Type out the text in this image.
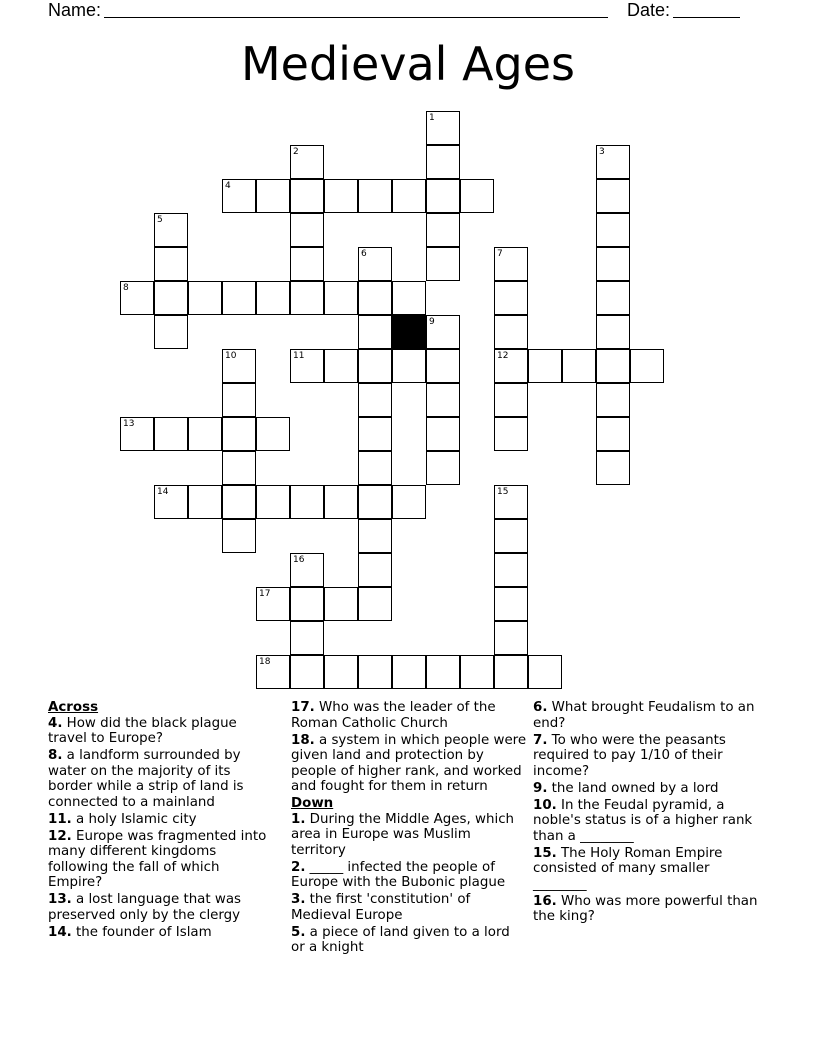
Name:	Date:
Medieval Ages
1
2	3
4
5
6	7
8
9
10	11	12
13
14	15
16
17
18
Across
4. How did the black plague travel to Europe?
8. a landform surrounded by water on the majority of its border while a strip of land is connected to a mainland
11. a holy Islamic city
12. Europe was fragmented into many different kingdoms following the fall of which Empire?
13. a lost language that was preserved only by the clergy
14. the founder of Islam
17. Who was the leader of the Roman Catholic Church
18. a system in which people were given land and protection by people of higher rank, and worked and fought for them in return
Down
1. During the Middle Ages, which area in Europe was Muslim territory
2. _____ infected the people of Europe with the Bubonic plague
3. the first 'constitution' of Medieval Europe
5. a piece of land given to a lord or a knight
6. What brought Feudalism to an end?
7. To who were the peasants required to pay 1/10 of their income?
9. the land owned by a lord
10. In the Feudal pyramid, a noble's status is of a higher rank than a ________
15. The Holy Roman Empire consisted of many smaller ________
16. Who was more powerful than the king?
